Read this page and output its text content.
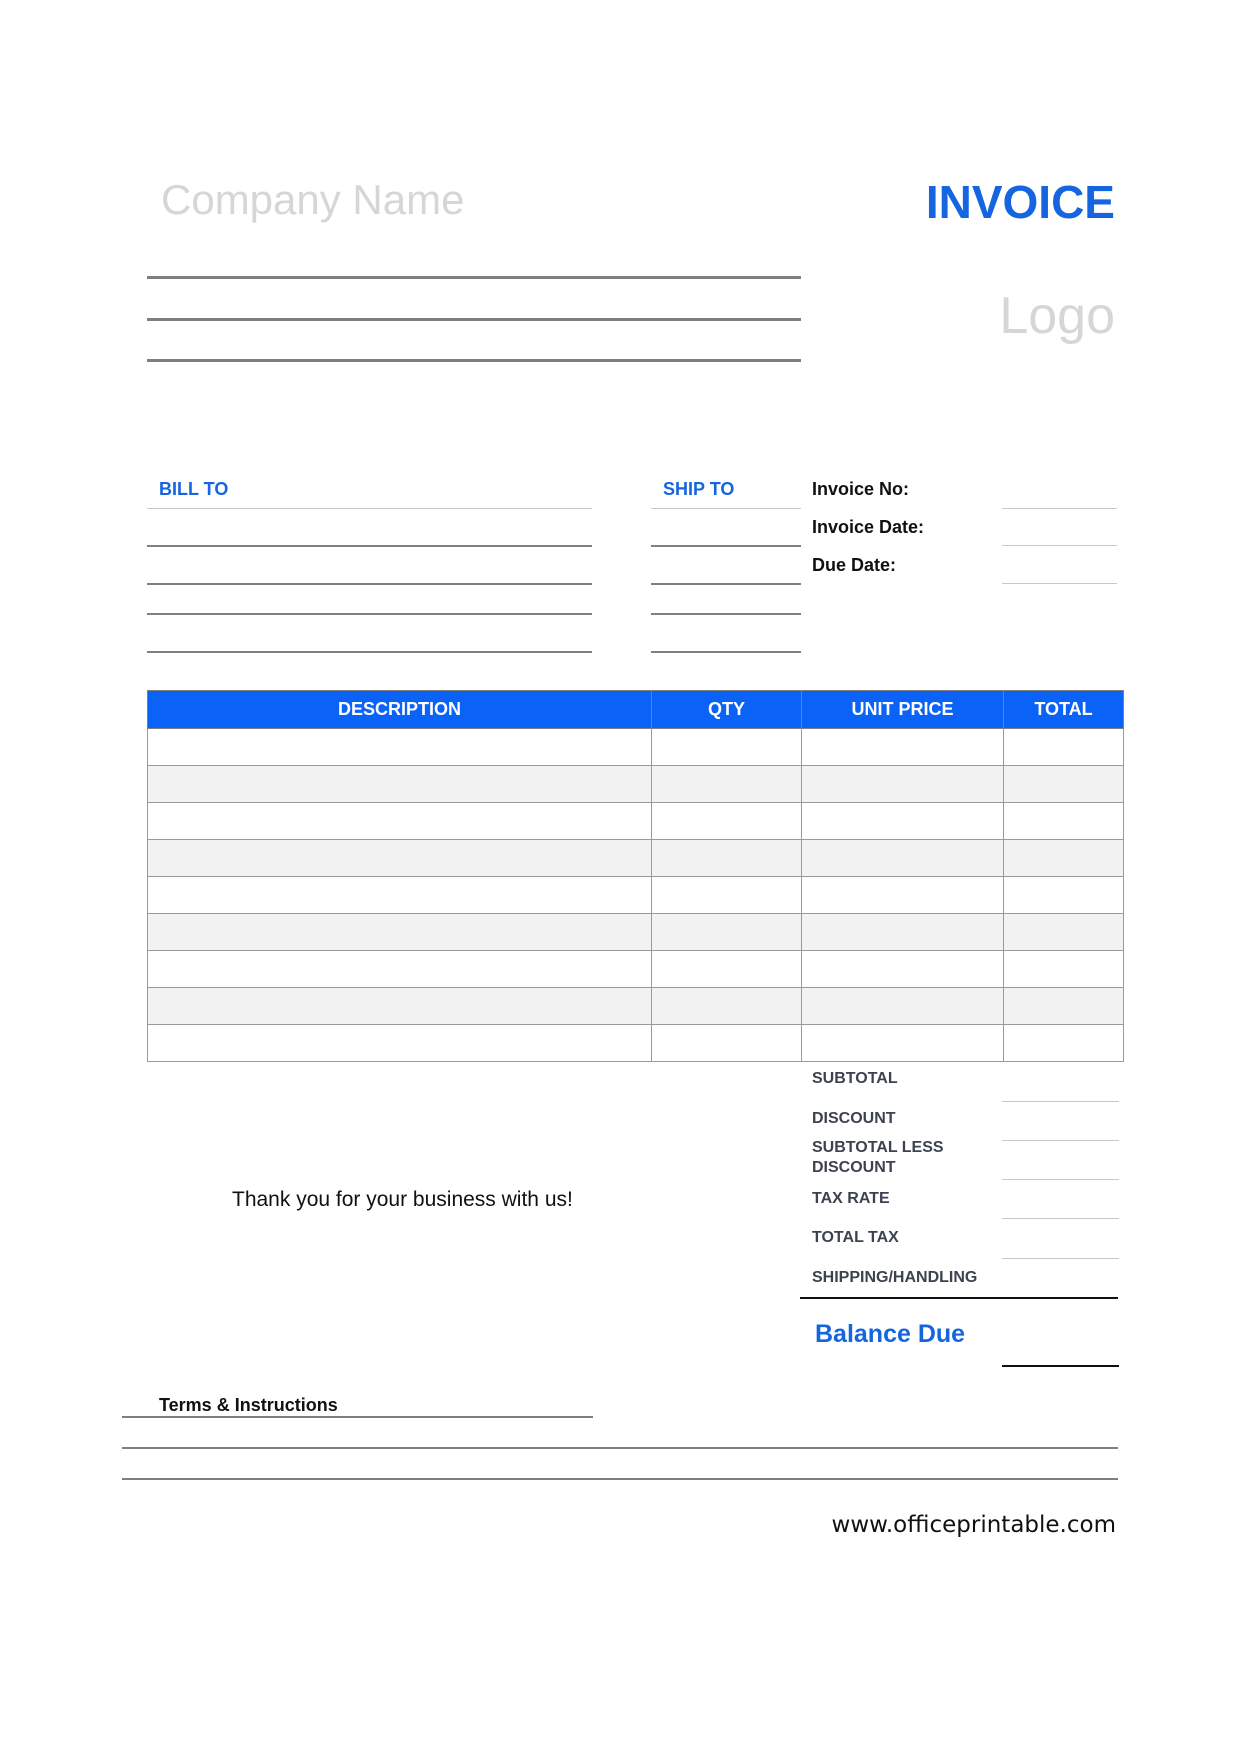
Company Name	INVOICE
Logo
BILL TO	SHIP TO	Invoice No:
Invoice Date:
Due Date:
DESCRIPTION	QTY	UNIT PRICE	TOTAL

Thank you for your business with us!
SUBTOTAL
DISCOUNT
SUBTOTAL LESS DISCOUNT
TAX RATE
TOTAL TAX
SHIPPING/HANDLING
Balance Due
Terms & Instructions
www.officeprintable.com
